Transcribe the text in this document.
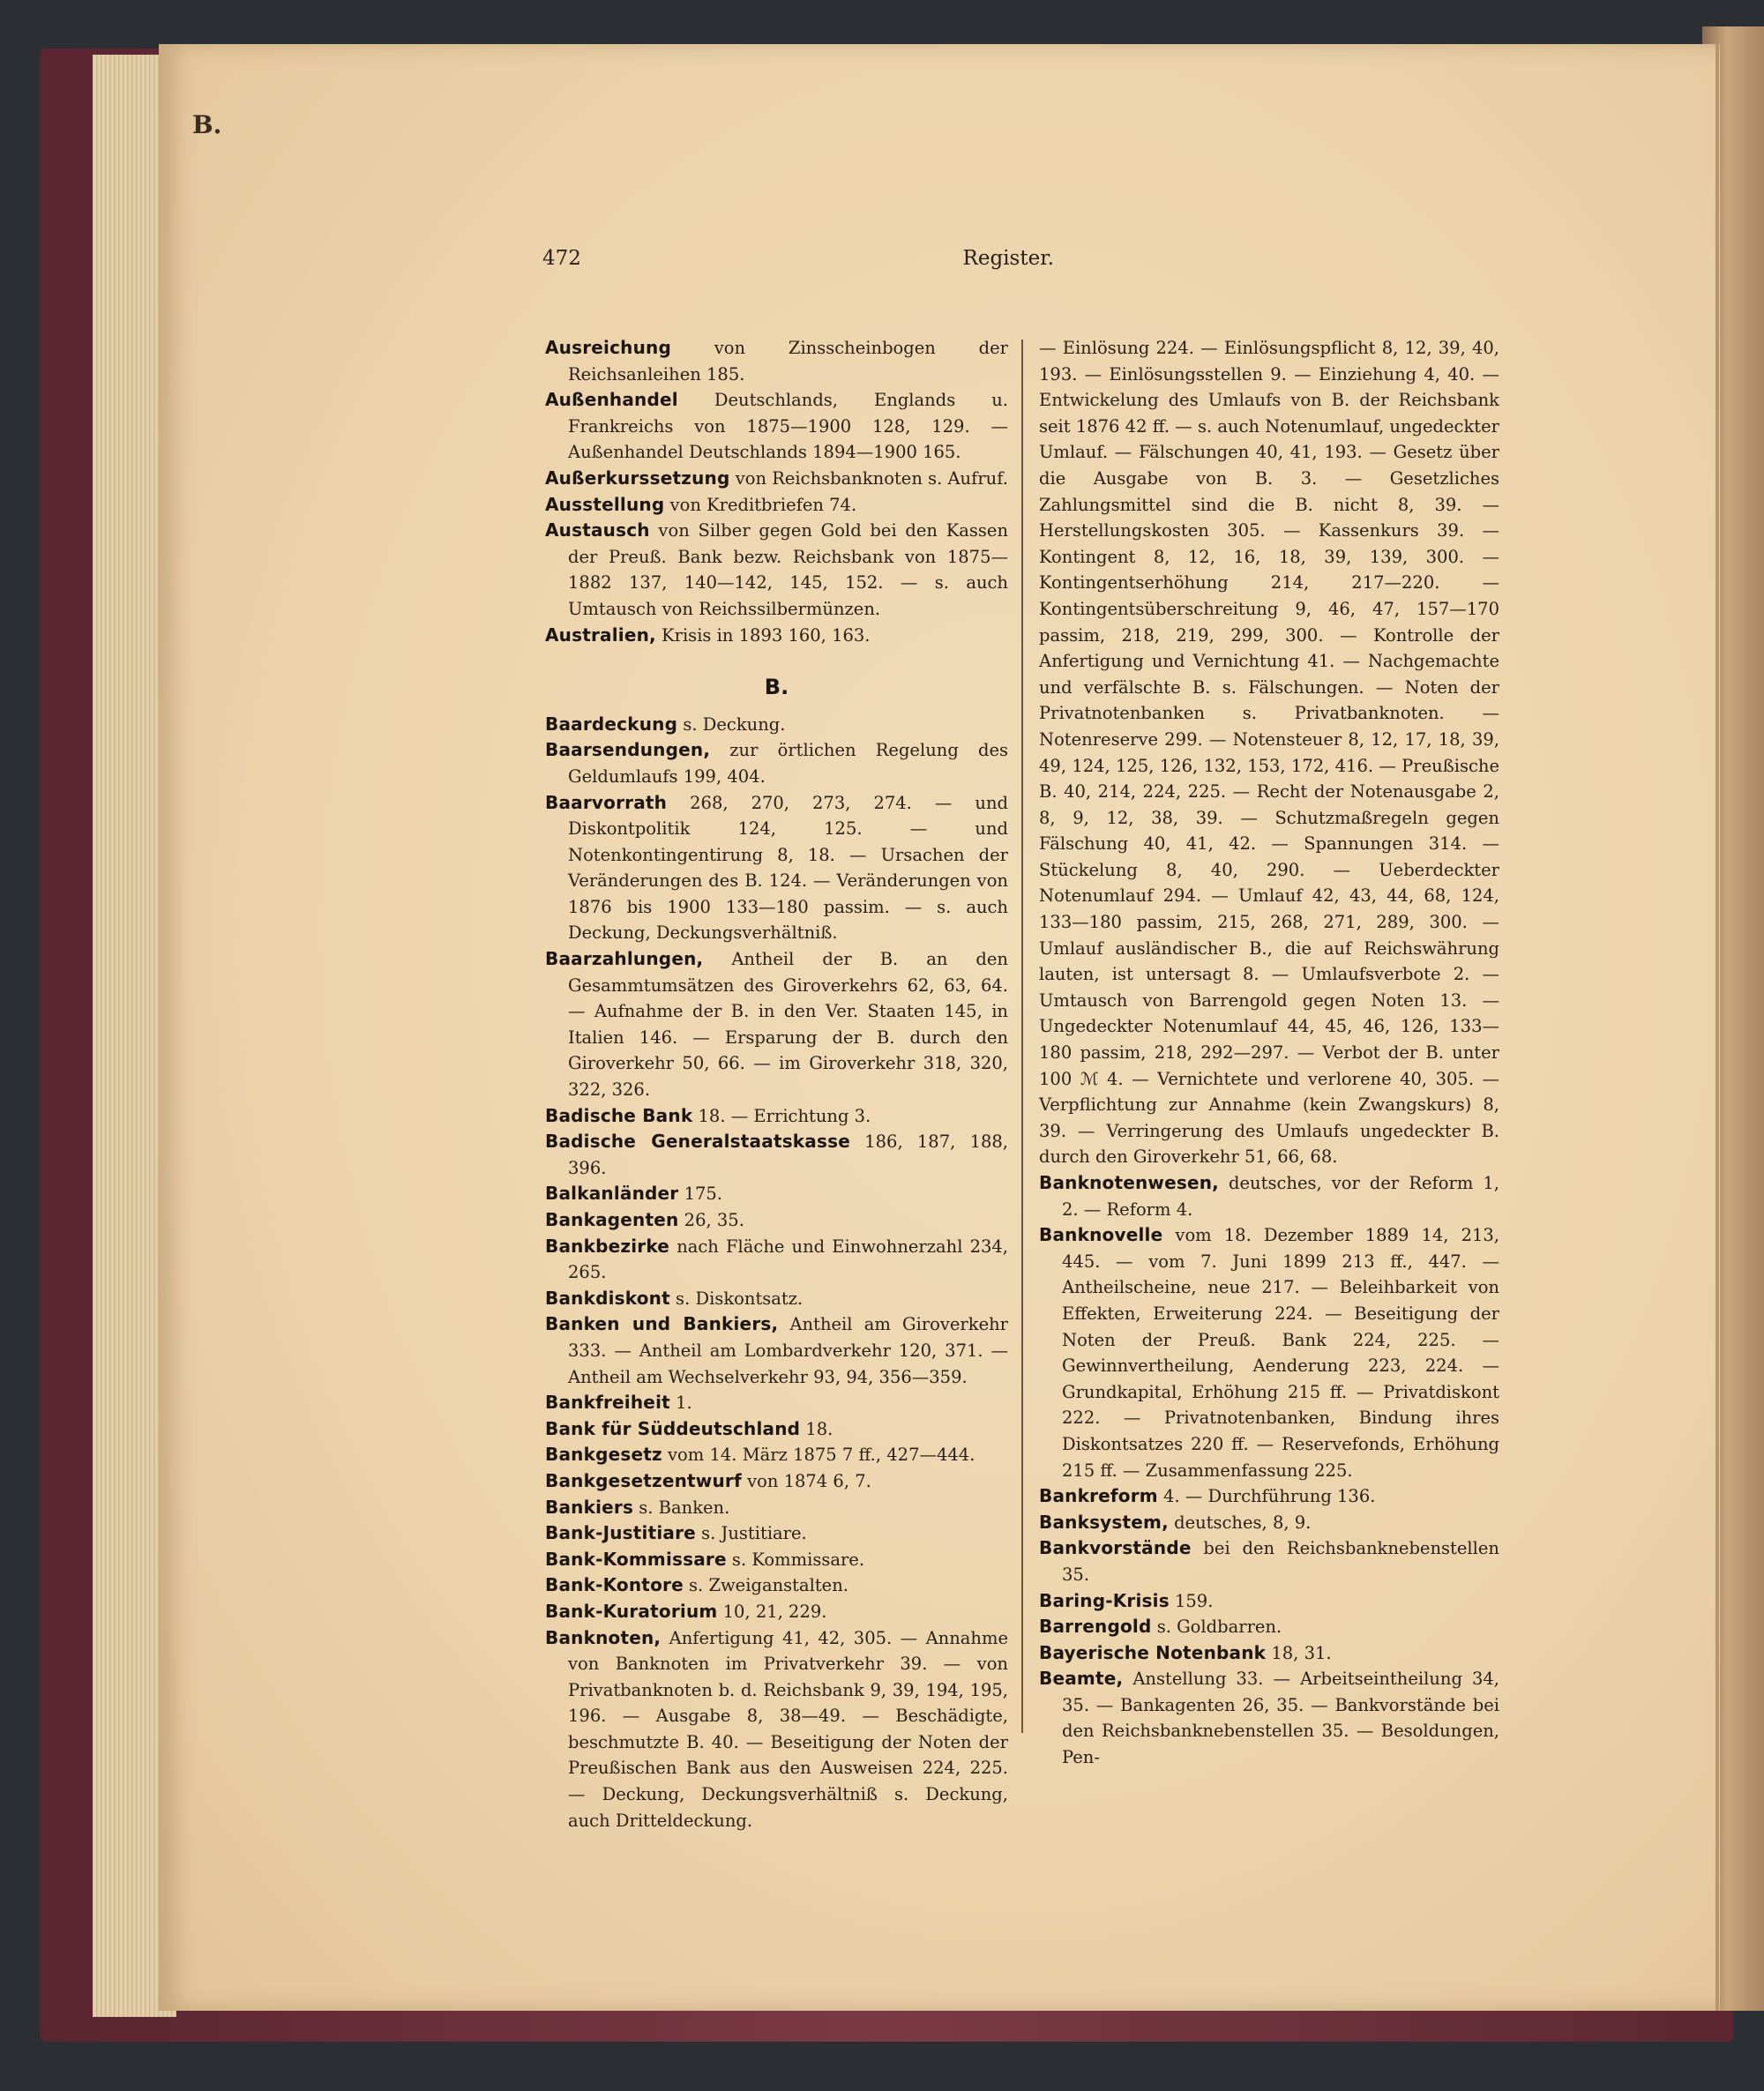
B.
472	Register.

Ausreichung von Zinsscheinbogen der Reichsanleihen 185.

Außenhandel Deutschlands, Englands u. Frankreichs von 1875—1900 128, 129. — Außenhandel Deutschlands 1894—1900 165.

Außerkurssetzung von Reichsbanknoten s. Aufruf.

Ausstellung von Kreditbriefen 74.

Austausch von Silber gegen Gold bei den Kassen der Preuß. Bank bezw. Reichsbank von 1875—1882 137, 140—142, 145, 152. — s. auch Umtausch von Reichssilbermünzen.

Australien, Krisis in 1893 160, 163.

B.

Baardeckung s. Deckung.

Baarsendungen, zur örtlichen Regelung des Geldumlaufs 199, 404.

Baarvorrath 268, 270, 273, 274. — und Diskontpolitik 124, 125. — und Notenkontingentirung 8, 18. — Ursachen der Veränderungen des B. 124. — Veränderungen von 1876 bis 1900 133—180 passim. — s. auch Deckung, Deckungsverhältniß.

Baarzahlungen, Antheil der B. an den Gesammtumsätzen des Giroverkehrs 62, 63, 64. — Aufnahme der B. in den Ver. Staaten 145, in Italien 146. — Ersparung der B. durch den Giroverkehr 50, 66. — im Giroverkehr 318, 320, 322, 326.

Badische Bank 18. — Errichtung 3.

Badische Generalstaatskasse 186, 187, 188, 396.

Balkanländer 175.

Bankagenten 26, 35.

Bankbezirke nach Fläche und Einwohnerzahl 234, 265.

Bankdiskont s. Diskontsatz.

Banken und Bankiers, Antheil am Giroverkehr 333. — Antheil am Lombardverkehr 120, 371. — Antheil am Wechselverkehr 93, 94, 356—359.

Bankfreiheit 1.

Bank für Süddeutschland 18.

Bankgesetz vom 14. März 1875 7 ff., 427—444.

Bankgesetzentwurf von 1874 6, 7.

Bankiers s. Banken.

Bank-Justitiare s. Justitiare.

Bank-Kommissare s. Kommissare.

Bank-Kontore s. Zweiganstalten.

Bank-Kuratorium 10, 21, 229.

Banknoten, Anfertigung 41, 42, 305. — Annahme von Banknoten im Privatverkehr 39. — von Privatbanknoten b. d. Reichsbank 9, 39, 194, 195, 196. — Ausgabe 8, 38—49. — Beschädigte, beschmutzte B. 40. — Beseitigung der Noten der Preußischen Bank aus den Ausweisen 224, 225. — Deckung, Deckungsverhältniß s. Deckung, auch Dritteldeckung.

— Einlösung 224. — Einlösungspflicht 8, 12, 39, 40, 193. — Einlösungsstellen 9. — Einziehung 4, 40. — Entwickelung des Umlaufs von B. der Reichsbank seit 1876 42 ff. — s. auch Notenumlauf, ungedeckter Umlauf. — Fälschungen 40, 41, 193. — Gesetz über die Ausgabe von B. 3. — Gesetzliches Zahlungsmittel sind die B. nicht 8, 39. — Herstellungskosten 305. — Kassenkurs 39. — Kontingent 8, 12, 16, 18, 39, 139, 300. — Kontingentserhöhung 214, 217—220. — Kontingentsüberschreitung 9, 46, 47, 157—170 passim, 218, 219, 299, 300. — Kontrolle der Anfertigung und Vernichtung 41. — Nachgemachte und verfälschte B. s. Fälschungen. — Noten der Privatnotenbanken s. Privatbanknoten. — Notenreserve 299. — Notensteuer 8, 12, 17, 18, 39, 49, 124, 125, 126, 132, 153, 172, 416. — Preußische B. 40, 214, 224, 225. — Recht der Notenausgabe 2, 8, 9, 12, 38, 39. — Schutzmaßregeln gegen Fälschung 40, 41, 42. — Spannungen 314. — Stückelung 8, 40, 290. — Ueberdeckter Notenumlauf 294. — Umlauf 42, 43, 44, 68, 124, 133—180 passim, 215, 268, 271, 289, 300. — Umlauf ausländischer B., die auf Reichswährung lauten, ist untersagt 8. — Umlaufsverbote 2. — Umtausch von Barrengold gegen Noten 13. — Ungedeckter Notenumlauf 44, 45, 46, 126, 133—180 passim, 218, 292—297. — Verbot der B. unter 100 ℳ 4. — Vernichtete und verlorene 40, 305. — Verpflichtung zur Annahme (kein Zwangskurs) 8, 39. — Verringerung des Umlaufs ungedeckter B. durch den Giroverkehr 51, 66, 68.

Banknotenwesen, deutsches, vor der Reform 1, 2. — Reform 4.

Banknovelle vom 18. Dezember 1889 14, 213, 445. — vom 7. Juni 1899 213 ff., 447. — Antheilscheine, neue 217. — Beleihbarkeit von Effekten, Erweiterung 224. — Beseitigung der Noten der Preuß. Bank 224, 225. — Gewinnvertheilung, Aenderung 223, 224. — Grundkapital, Erhöhung 215 ff. — Privatdiskont 222. — Privatnotenbanken, Bindung ihres Diskontsatzes 220 ff. — Reservefonds, Erhöhung 215 ff. — Zusammenfassung 225.

Bankreform 4. — Durchführung 136.

Banksystem, deutsches, 8, 9.

Bankvorstände bei den Reichsbanknebenstellen 35.

Baring-Krisis 159.

Barrengold s. Goldbarren.

Bayerische Notenbank 18, 31.

Beamte, Anstellung 33. — Arbeitseintheilung 34, 35. — Bankagenten 26, 35. — Bankvorstände bei den Reichsbanknebenstellen 35. — Besoldungen, Pen-
